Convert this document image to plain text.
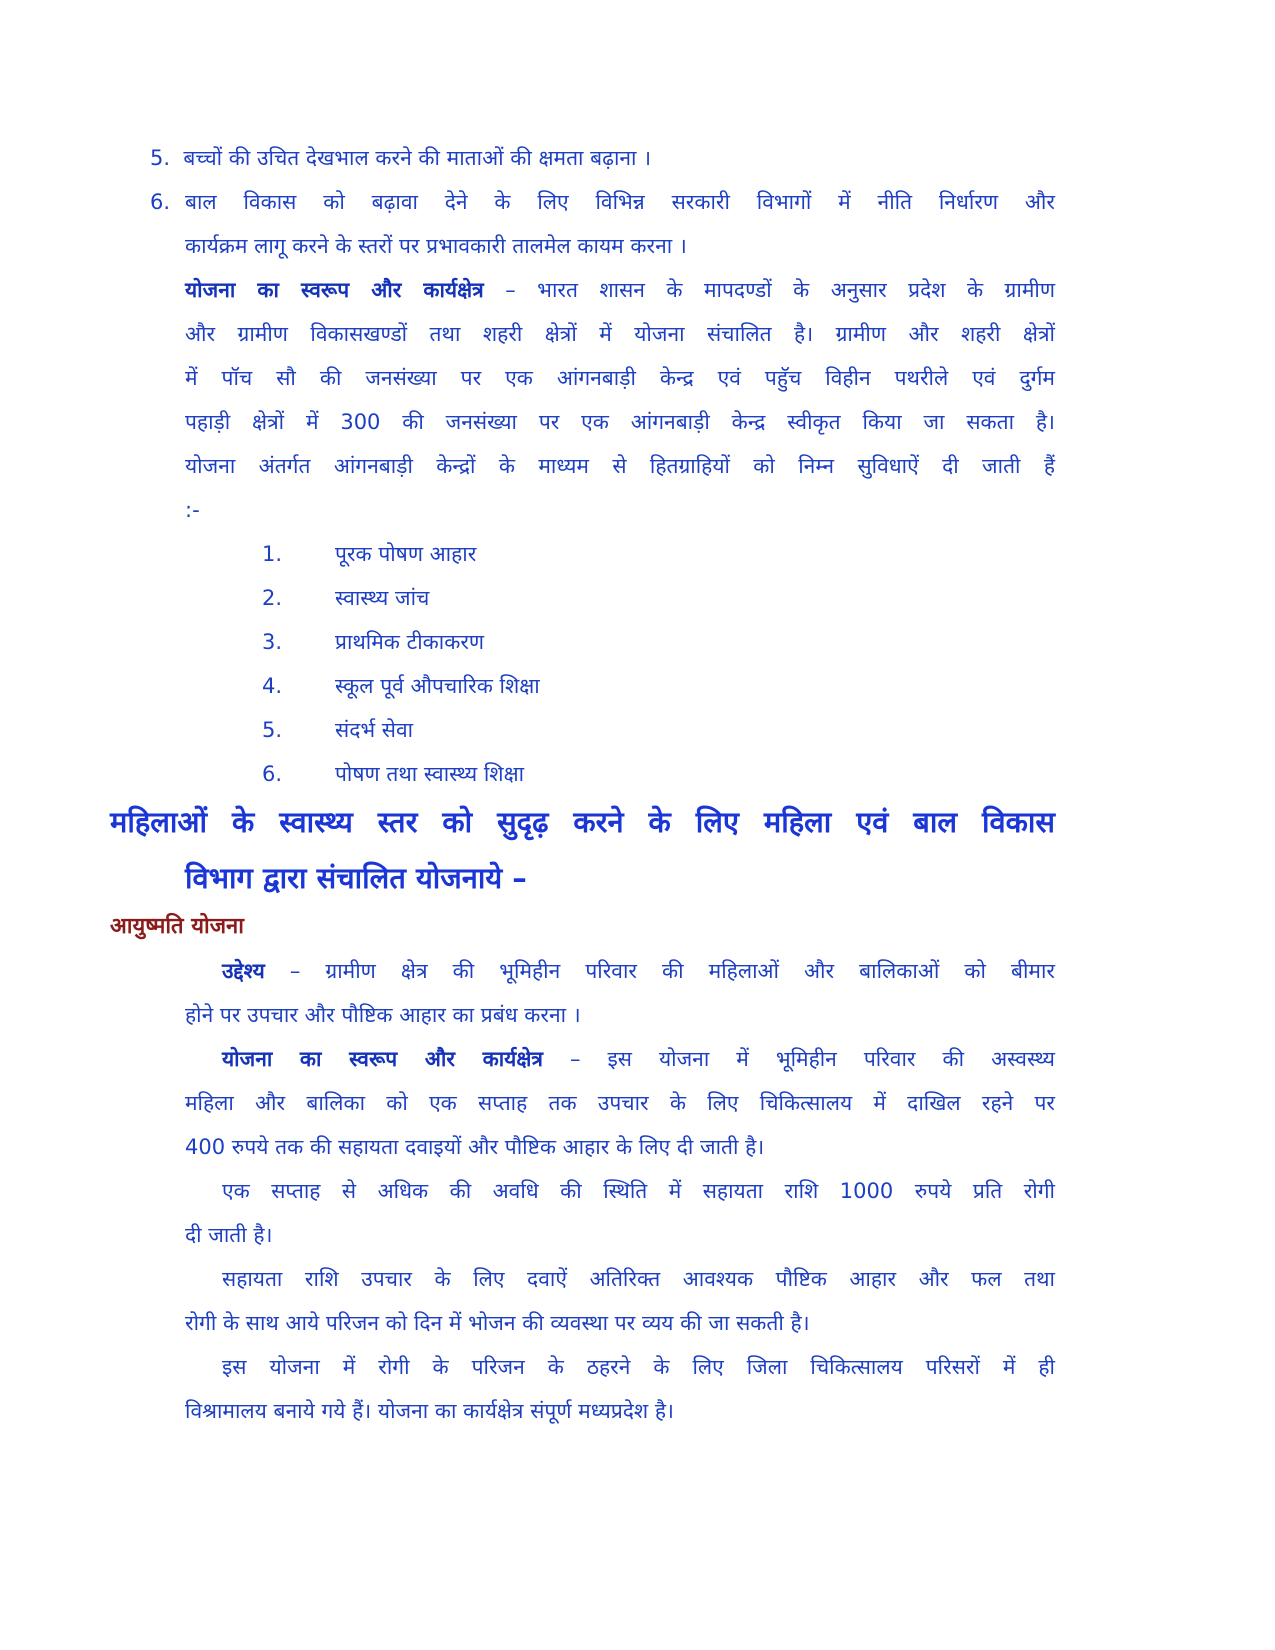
5. बच्चों की उचित देखभाल करने की माताओं की क्षमता बढ़ाना ।
6. बाल विकास को बढ़ावा देने के लिए विभिन्न सरकारी विभागों में नीति निर्धारण और
कार्यक्रम लागू करने के स्तरों पर प्रभावकारी तालमेल कायम करना ।
योजना का स्वरूप और कार्यक्षेत्र – भारत शासन के मापदण्डों के अनुसार प्रदेश के ग्रामीण
और ग्रामीण विकासखण्डों तथा शहरी क्षेत्रों में योजना संचालित है। ग्रामीण और शहरी क्षेत्रों
में पॉच सौ की जनसंख्या पर एक आंगनबाड़ी केन्द्र एवं पहुॅच विहीन पथरीले एवं दुर्गम
पहाड़ी क्षेत्रों में 300 की जनसंख्या पर एक आंगनबाड़ी केन्द्र स्वीकृत किया जा सकता है।
योजना अंतर्गत आंगनबाड़ी केन्द्रों के माध्यम से हितग्राहियों को निम्न सुविधाऐं दी जाती हैं
:-
1.	पूरक पोषण आहार
2.	स्वास्थ्य जांच
3.	प्राथमिक टीकाकरण
4.	स्कूल पूर्व औपचारिक शिक्षा
5.	संदर्भ सेवा
6.	पोषण तथा स्वास्थ्य शिक्षा
महिलाओं के स्वास्थ्य स्तर को सुदृढ़ करने के लिए महिला एवं बाल विकास
विभाग द्वारा संचालित योजनाये –
आयुष्मति योजना
उद्देश्य – ग्रामीण क्षेत्र की भूमिहीन परिवार की महिलाओं और बालिकाओं को बीमार
होने पर उपचार और पौष्टिक आहार का प्रबंध करना ।
योजना का स्वरूप और कार्यक्षेत्र – इस योजना में भूमिहीन परिवार की अस्वस्थ्य
महिला और बालिका को एक सप्ताह तक उपचार के लिए चिकित्सालय में दाखिल रहने पर
400 रुपये तक की सहायता दवाइयों और पौष्टिक आहार के लिए दी जाती है।
एक सप्ताह से अधिक की अवधि की स्थिति में सहायता राशि 1000 रुपये प्रति रोगी
दी जाती है।
सहायता राशि उपचार के लिए दवाऐं अतिरिक्त आवश्यक पौष्टिक आहार और फल तथा
रोगी के साथ आये परिजन को दिन में भोजन की व्यवस्था पर व्यय की जा सकती है।
इस योजना में रोगी के परिजन के ठहरने के लिए जिला चिकित्सालय परिसरों में ही
विश्रामालय बनाये गये हैं। योजना का कार्यक्षेत्र संपूर्ण मध्यप्रदेश है।
